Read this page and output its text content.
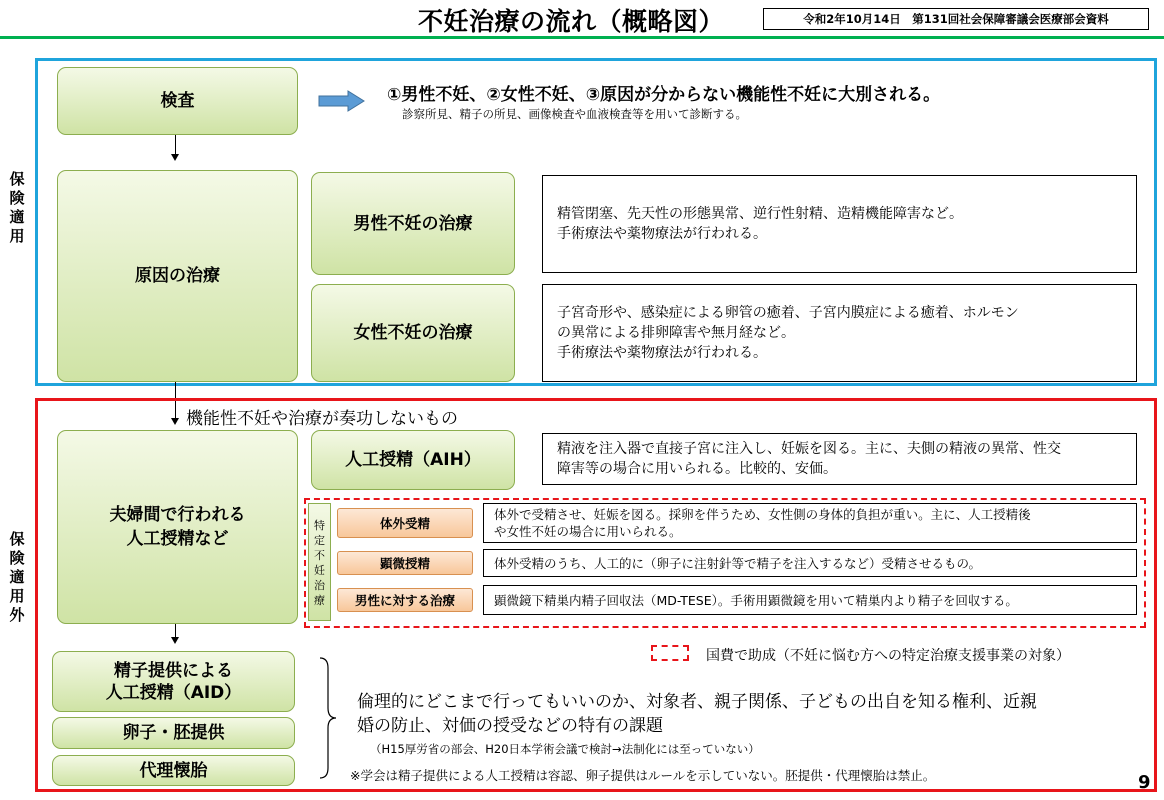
不妊治療の流れ（概略図）	令和2年10月14日　第131回社会保障審議会医療部会資料
保険適用
検査	①男性不妊、②女性不妊、③原因が分からない機能性不妊に大別される。
診察所見、精子の所見、画像検査や血液検査等を用いて診断する。
原因の治療
男性不妊の治療	精管閉塞、先天性の形態異常、逆行性射精、造精機能障害など。
手術療法や薬物療法が行われる。
女性不妊の治療
子宮奇形や、感染症による卵管の癒着、子宮内膜症による癒着、ホルモン
の異常による排卵障害や無月経など。
手術療法や薬物療法が行われる。
機能性不妊や治療が奏功しないもの
保険適用外
夫婦間で行われる
人工授精など
人工授精（AIH）
精液を注入器で直接子宮に注入し、妊娠を図る。主に、夫側の精液の異常、性交
障害等の場合に用いられる。比較的、安価。
特定不妊治療
体外受精
体外で受精させ、妊娠を図る。採卵を伴うため、女性側の身体的負担が重い。主に、人工授精後
や女性不妊の場合に用いられる。
顕微授精	体外受精のうち、人工的に（卵子に注射針等で精子を注入するなど）受精させるもの。
男性に対する治療	顕微鏡下精巣内精子回収法（MD-TESE）。手術用顕微鏡を用いて精巣内より精子を回収する。
国費で助成（不妊に悩む方への特定治療支援事業の対象）
精子提供による
人工授精（AID）
卵子・胚提供
代理懐胎
倫理的にどこまで行ってもいいのか、対象者、親子関係、子どもの出自を知る権利、近親
婚の防止、対価の授受などの特有の課題
（H15厚労省の部会、H20日本学術会議で検討→法制化には至っていない）
※学会は精子提供による人工授精は容認、卵子提供はルールを示していない。胚提供・代理懐胎は禁止。	9
